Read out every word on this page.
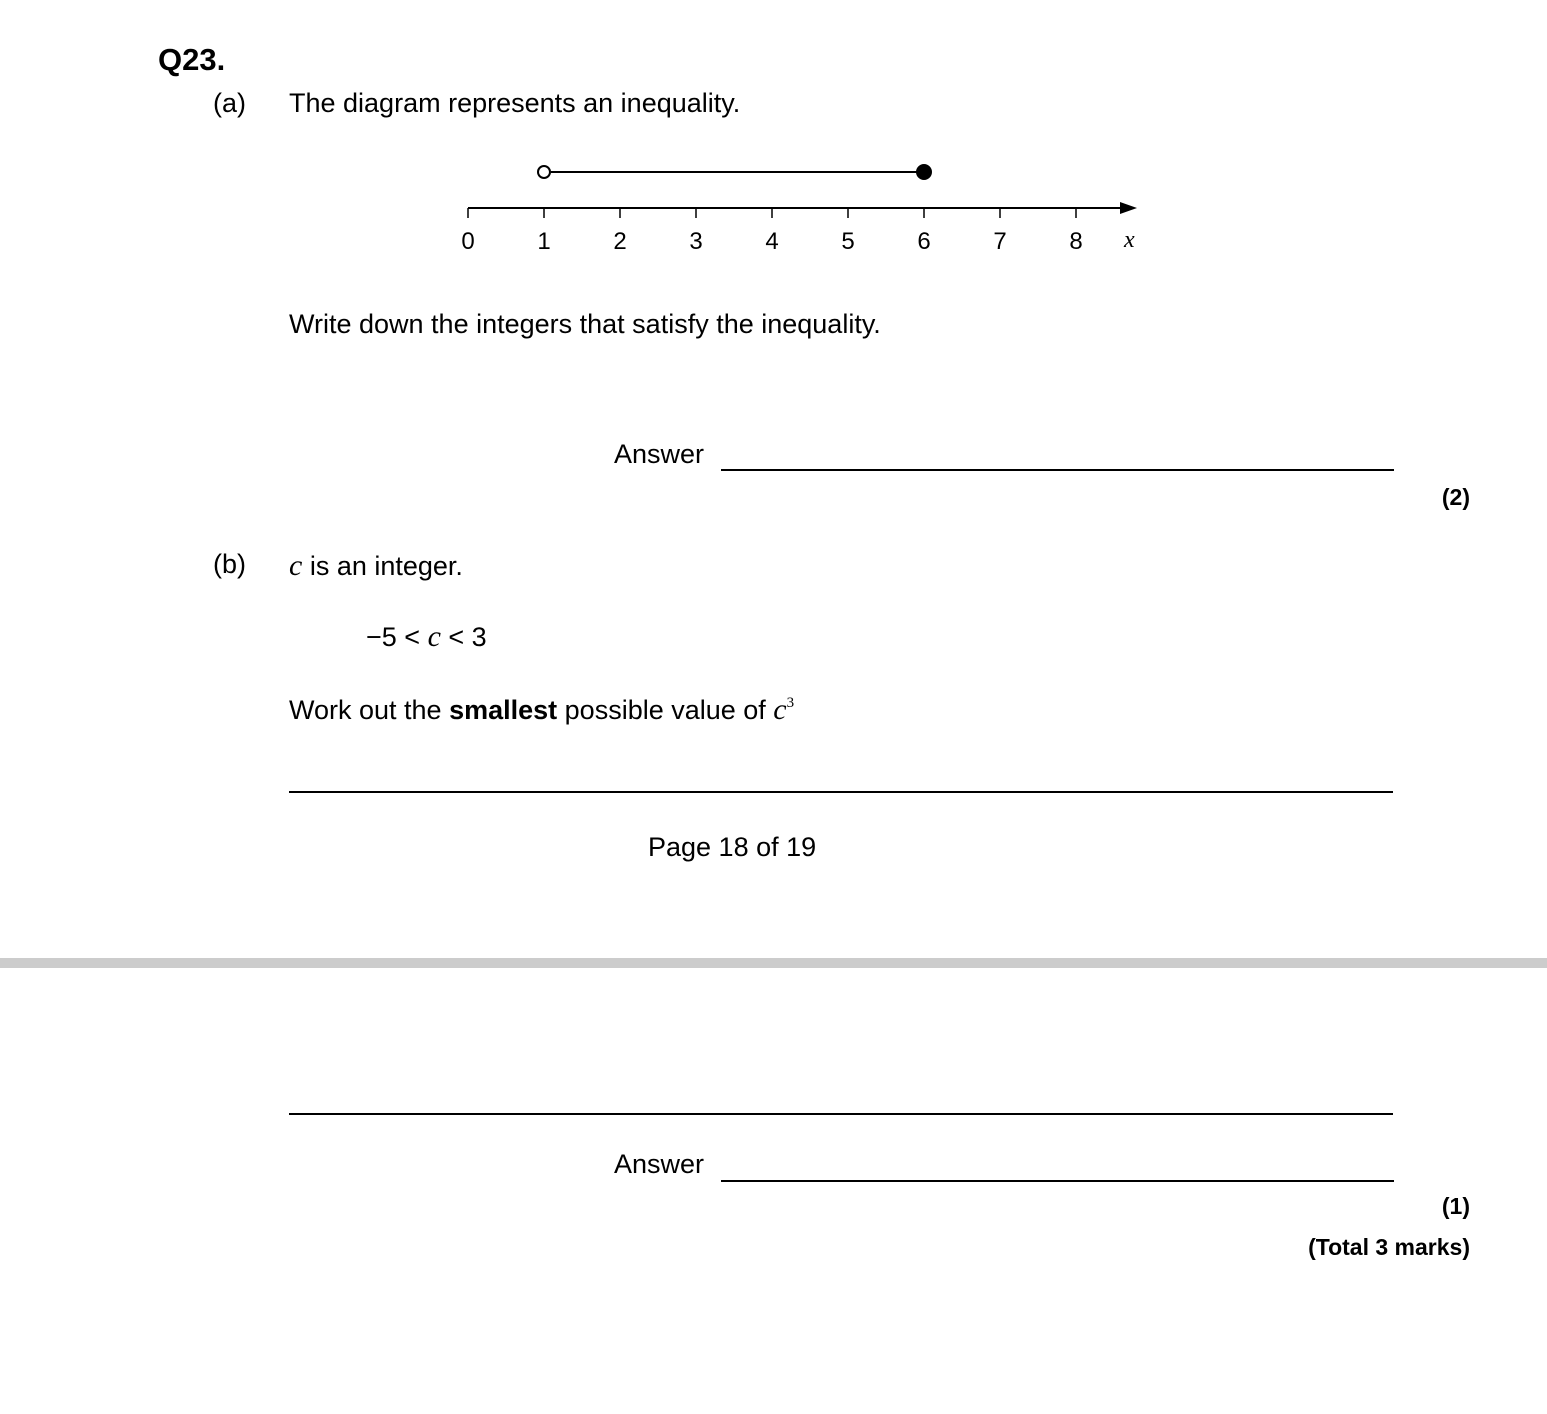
Q23.
(a) The diagram represents an inequality.
0	1	2	3	4	5	6	7	8 x
Write down the integers that satisfy the inequality.
Answer
(2)
(b) c is an integer.
−5 < c < 3
Work out the smallest possible value of $c^3$
Page 18 of 19
Answer
(1)
(Total 3 marks)
